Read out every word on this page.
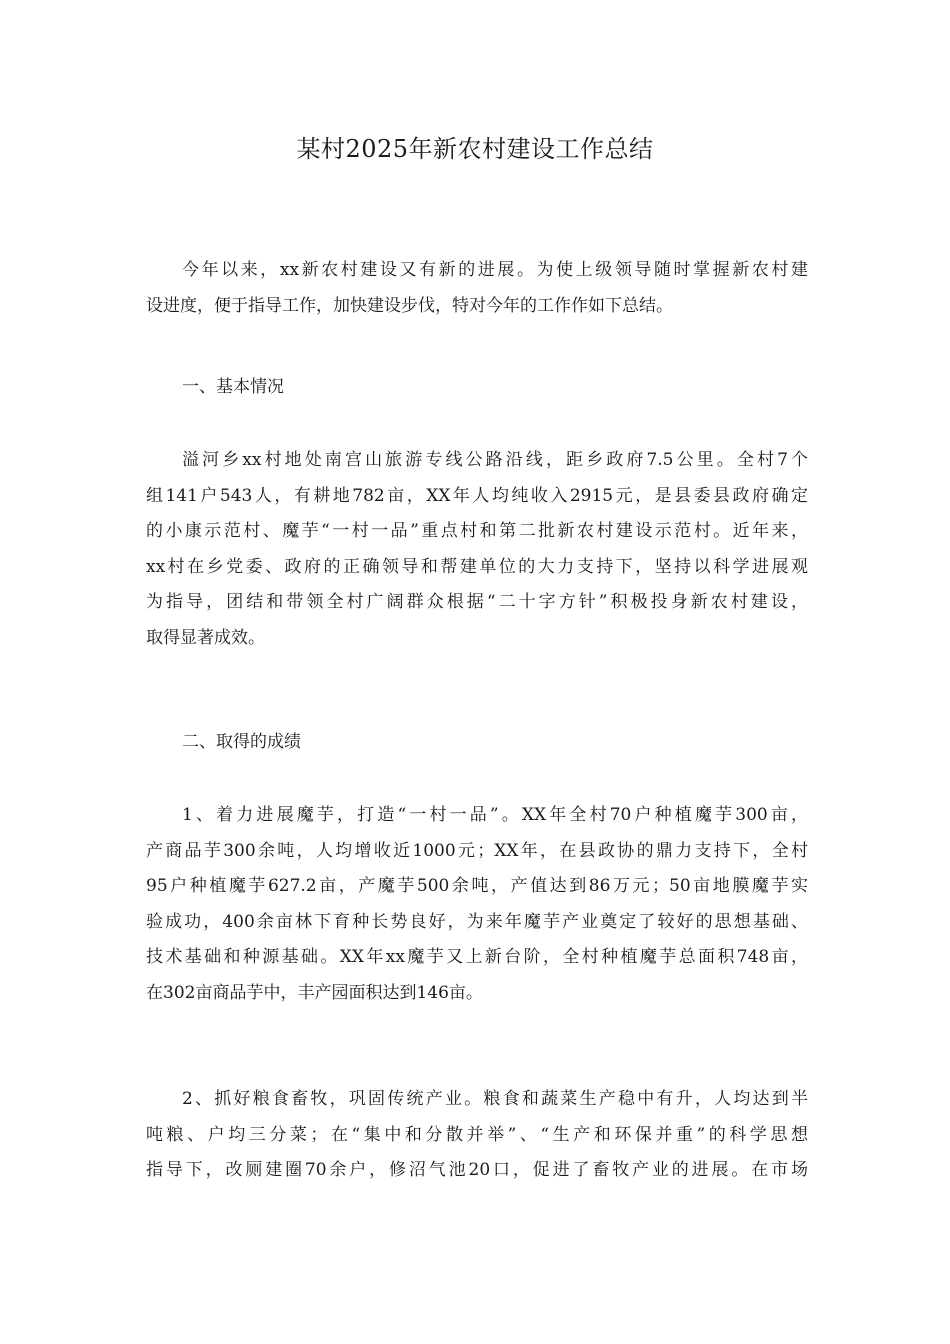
某村2025年新农村建设工作总结
今年以来，xx新农村建设又有新的进展。为使上级领导随时掌握新农村建
设进度，便于指导工作，加快建设步伐，特对今年的工作作如下总结。
一、基本情况
溢河乡xx村地处南宫山旅游专线公路沿线，距乡政府7.5公里。全村7个
组141户543人，有耕地782亩，XX年人均纯收入2915元，是县委县政府确定
的小康示范村、魔芋“一村一品”重点村和第二批新农村建设示范村。近年来，
xx村在乡党委、政府的正确领导和帮建单位的大力支持下，坚持以科学进展观
为指导，团结和带领全村广阔群众根据“二十字方针”积极投身新农村建设，
取得显著成效。
二、取得的成绩
1、着力进展魔芋，打造“一村一品”。XX年全村70户种植魔芋300亩，
产商品芋300余吨，人均增收近1000元；XX年，在县政协的鼎力支持下，全村
95户种植魔芋627.2亩，产魔芋500余吨，产值达到86万元；50亩地膜魔芋实
验成功，400余亩林下育种长势良好，为来年魔芋产业奠定了较好的思想基础、
技术基础和种源基础。XX年xx魔芋又上新台阶，全村种植魔芋总面积748亩，
在302亩商品芋中，丰产园面积达到146亩。
2、抓好粮食畜牧，巩固传统产业。粮食和蔬菜生产稳中有升，人均达到半
吨粮、户均三分菜；在“集中和分散并举”、“生产和环保并重”的科学思想
指导下，改厕建圈70余户，修沼气池20口，促进了畜牧产业的进展。在市场
